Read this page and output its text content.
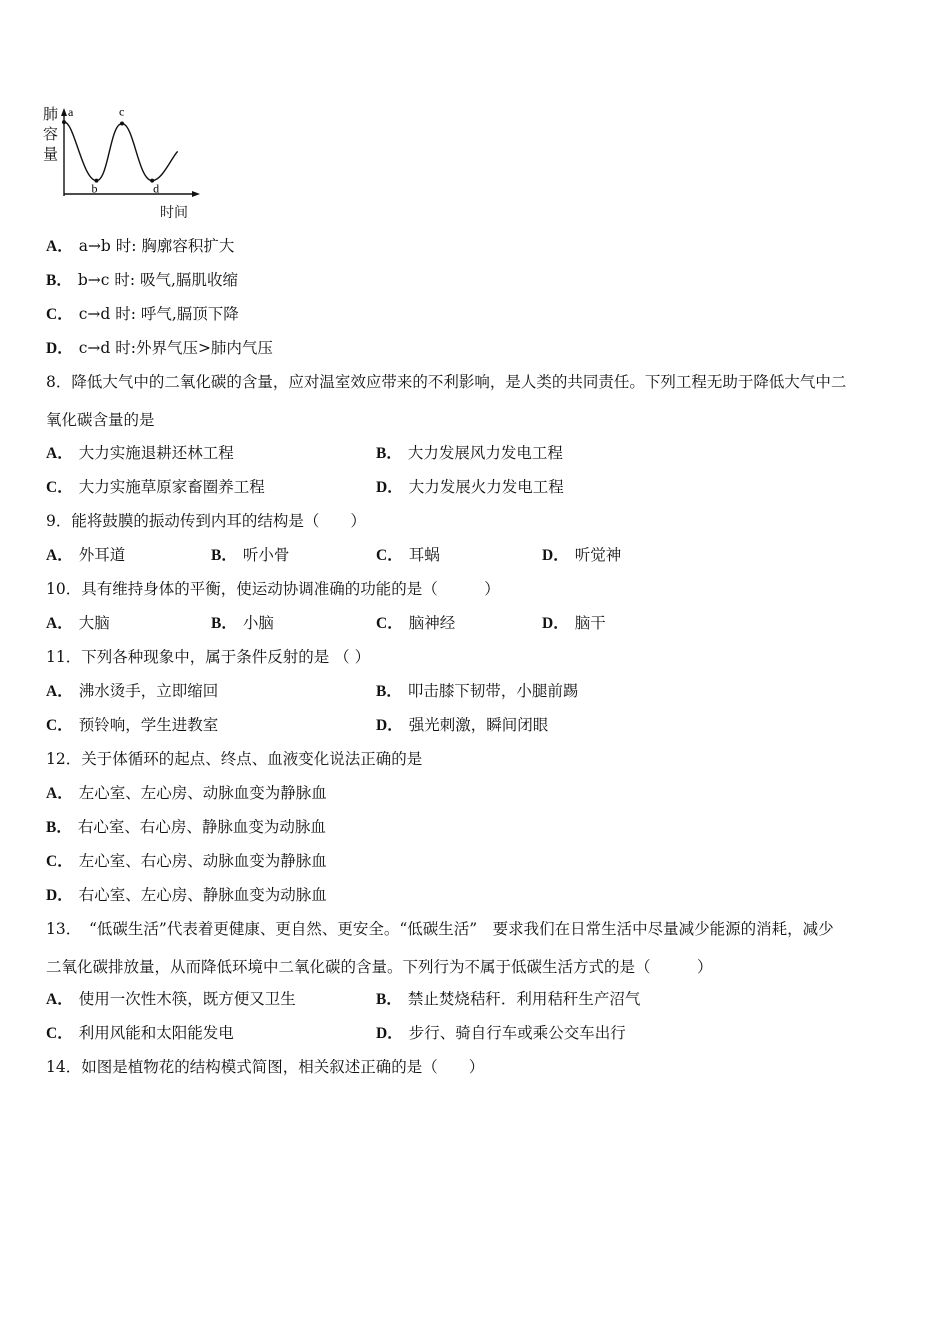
肺
容
量
a
b
c
d
时间
A． a→b 时: 胸廓容积扩大
B． b→c 时: 吸气,膈肌收缩
C． c→d 时: 呼气,膈顶下降
D． c→d 时:外界气压>肺内气压
8．降低大气中的二氧化碳的含量，应对温室效应带来的不利影响，是人类的共同责任。下列工程无助于降低大气中二
氧化碳含量的是
A． 大力实施退耕还林工程	B． 大力发展风力发电工程
C． 大力实施草原家畜圈养工程	D． 大力发展火力发电工程
9．能将鼓膜的振动传到内耳的结构是（　　）
A． 外耳道	B． 听小骨	C． 耳蜗	D． 听觉神
10．具有维持身体的平衡，使运动协调准确的功能的是（　　　）
A． 大脑	B． 小脑	C． 脑神经	D． 脑干
11．下列各种现象中，属于条件反射的是 （ ）
A． 沸水烫手，立即缩回	B． 叩击膝下韧带，小腿前踢
C． 预铃响，学生进教室	D． 强光刺激，瞬间闭眼
12．关于体循环的起点、终点、血液变化说法正确的是
A． 左心室、左心房、动脉血变为静脉血
B． 右心室、右心房、静脉血变为动脉血
C． 左心室、右心房、动脉血变为静脉血
D． 右心室、左心房、静脉血变为动脉血
13．　“低碳生活”代表着更健康、更自然、更安全。“低碳生活”　要求我们在日常生活中尽量减少能源的消耗，减少
二氧化碳排放量，从而降低环境中二氧化碳的含量。下列行为不属于低碳生活方式的是（　　　）
A． 使用一次性木筷，既方便又卫生	B． 禁止焚烧秸秆．利用秸秆生产沼气
C． 利用风能和太阳能发电	D． 步行、骑自行车或乘公交车出行
14．如图是植物花的结构模式简图，相关叙述正确的是（　　）
